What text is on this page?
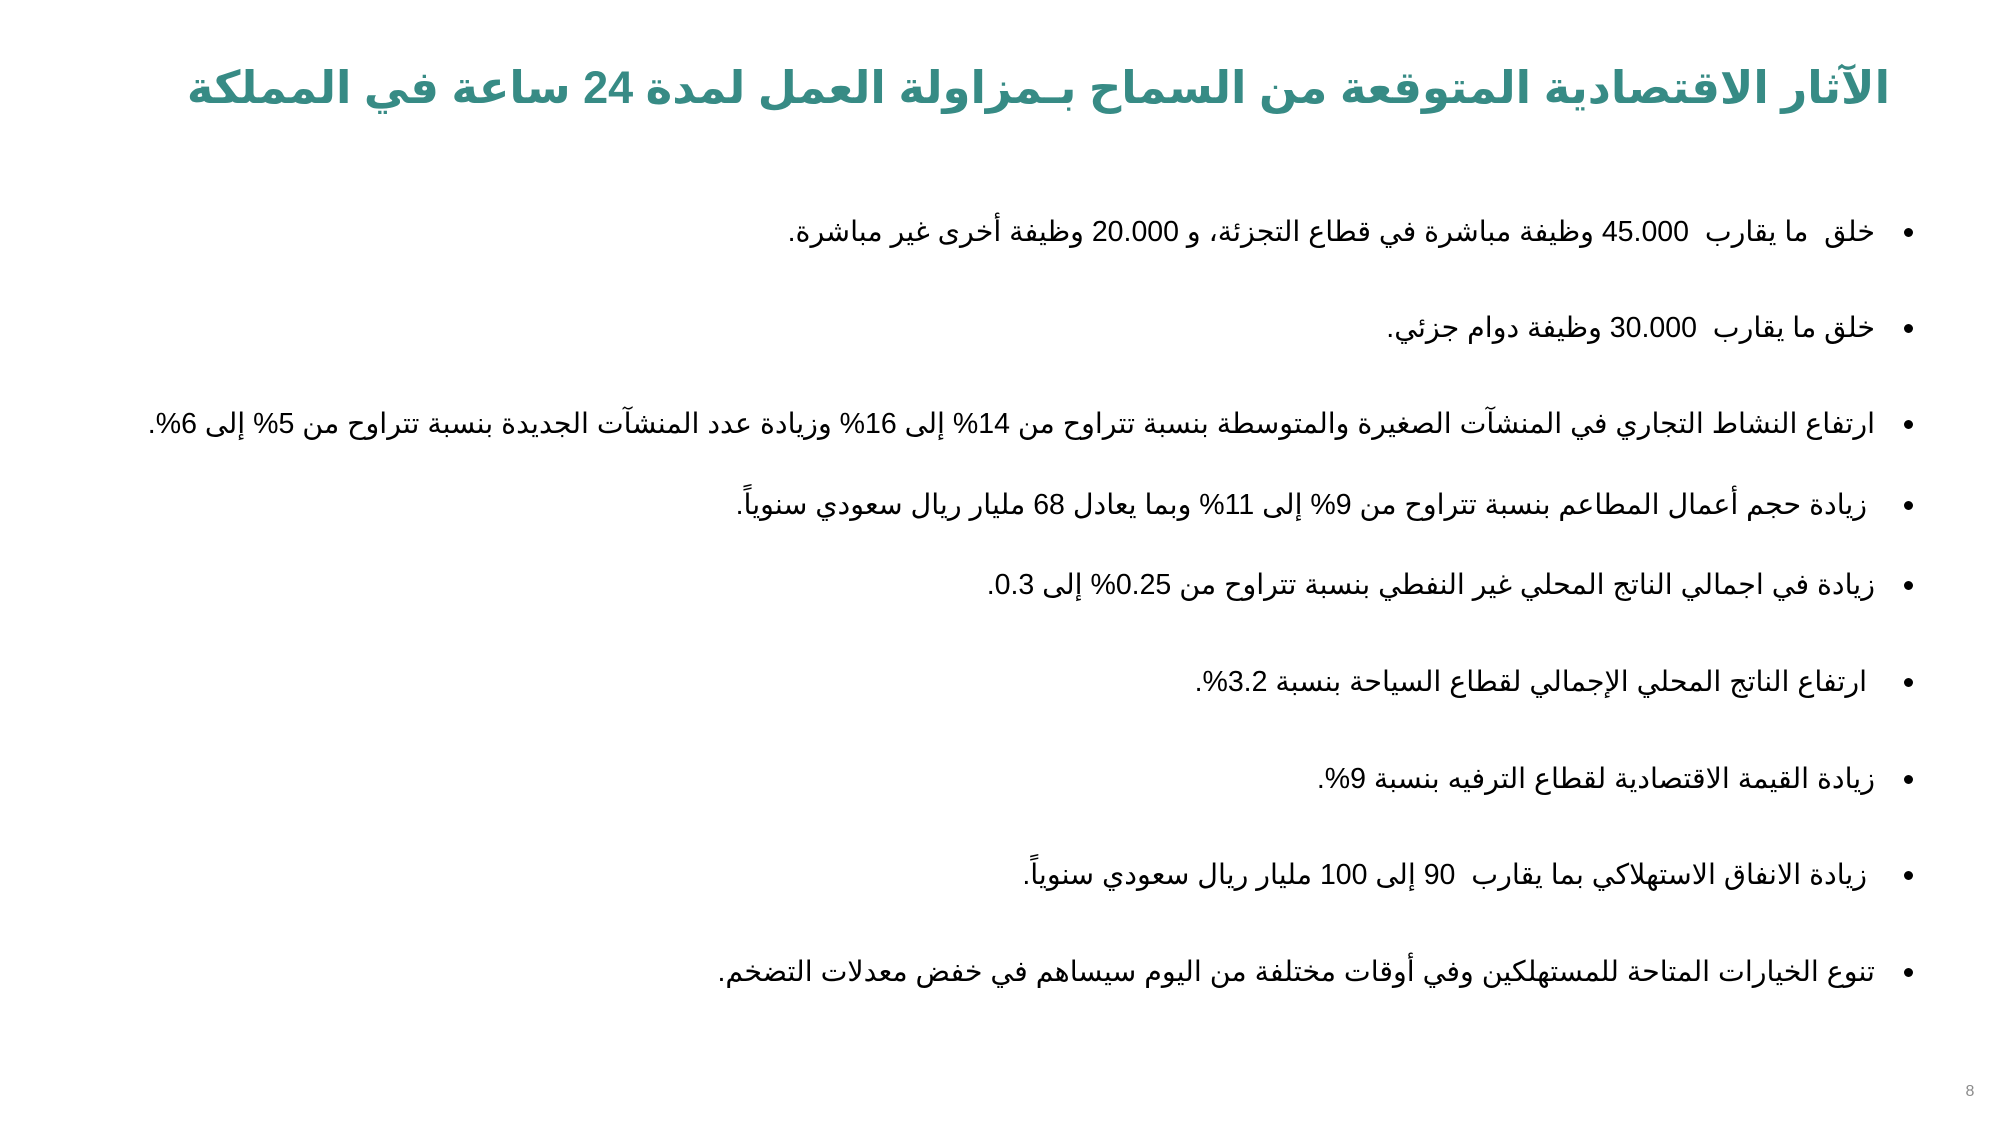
الآثار الاقتصادية المتوقعة من السماح بـمزاولة العمل لمدة 24 ساعة في المملكة
خلق  ما يقارب  45.000 وظيفة مباشرة في قطاع التجزئة، و 20.000 وظيفة أخرى غير مباشرة.
خلق ما يقارب  30.000 وظيفة دوام جزئي.
ارتفاع النشاط التجاري في المنشآت الصغيرة والمتوسطة بنسبة تتراوح من 14% إلى 16% وزيادة عدد المنشآت الجديدة بنسبة تتراوح من 5% إلى 6%.
زيادة حجم أعمال المطاعم بنسبة تتراوح من 9% إلى 11% وبما يعادل 68 مليار ريال سعودي سنوياً.
زيادة في اجمالي الناتج المحلي غير النفطي بنسبة تتراوح من 0.25% إلى 0.3.
ارتفاع الناتج المحلي الإجمالي لقطاع السياحة بنسبة 3.2%.
زيادة القيمة الاقتصادية لقطاع الترفيه بنسبة 9%.
زيادة الانفاق الاستهلاكي بما يقارب  90 إلى 100 مليار ريال سعودي سنوياً.
تنوع الخيارات المتاحة للمستهلكين وفي أوقات مختلفة من اليوم سيساهم في خفض معدلات التضخم.
8
